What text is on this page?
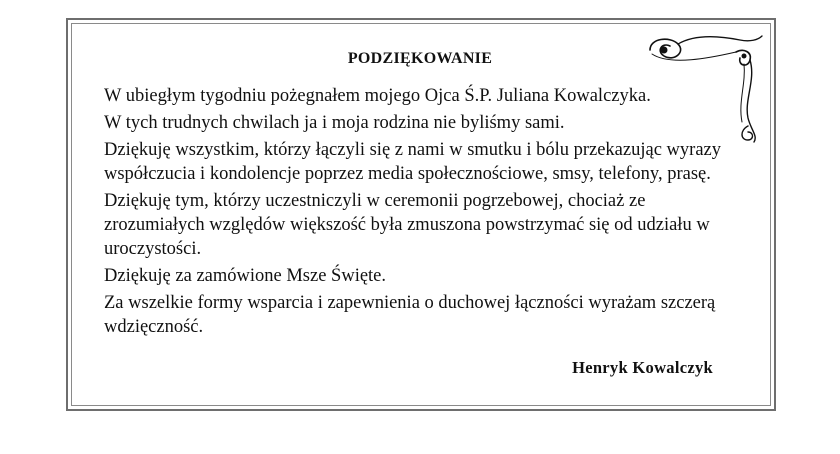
PODZIĘKOWANIE

W ubiegłym tygodniu pożegnałem mojego Ojca Ś.P. Juliana Kowalczyka.

W tych trudnych chwilach ja i moja rodzina nie byliśmy sami.

Dziękuję wszystkim, którzy łączyli się z nami w smutku i bólu przekazując wyrazy współczucia i kondolencje poprzez media społecznościowe, smsy, telefony, prasę.

Dziękuję tym, którzy uczestniczyli w ceremonii pogrzebowej, chociaż ze zrozumiałych względów większość była zmuszona powstrzymać się od udziału w uroczystości.

Dziękuję za zamówione Msze Święte.

Za wszelkie formy wsparcia i zapewnienia o duchowej łączności wyrażam szczerą wdzięczność.

Henryk Kowalczyk
